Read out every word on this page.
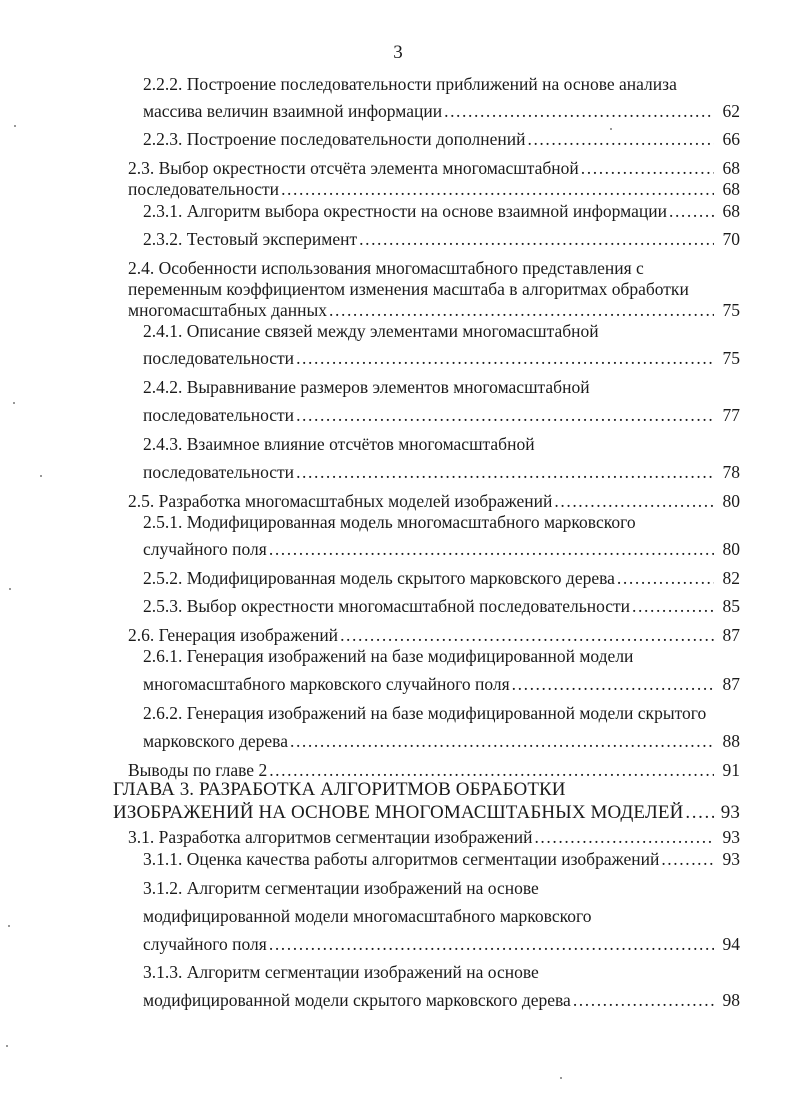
3
2.2.2. Построение последовательности приближений на основе анализа
массива величин взаимной информации .....	62
2.2.3. Построение последовательности дополнений .....	66
2.3. Выбор окрестности отсчёта элемента многомасштабной .....	68
последовательности .....	68
2.3.1. Алгоритм выбора окрестности на основе взаимной информации .....	68
2.3.2. Тестовый эксперимент .....	70
2.4. Особенности использования многомасштабного представления с
переменным коэффициентом изменения масштаба в алгоритмах обработки
многомасштабных данных .....	75
2.4.1. Описание связей между элементами многомасштабной
последовательности .....	75
2.4.2. Выравнивание размеров элементов многомасштабной
последовательности .....	77
2.4.3. Взаимное влияние отсчётов многомасштабной
последовательности .....	78
2.5. Разработка многомасштабных моделей изображений .....	80
2.5.1. Модифицированная модель многомасштабного марковского
случайного поля .....	80
2.5.2. Модифицированная модель скрытого марковского дерева .....	82
2.5.3. Выбор окрестности многомасштабной последовательности .....	85
2.6. Генерация изображений .....	87
2.6.1. Генерация изображений на базе модифицированной модели
многомасштабного марковского случайного поля .....	87
2.6.2. Генерация изображений на базе модифицированной модели скрытого
марковского дерева .....	88
Выводы по главе 2 .....	91
ГЛАВА 3. РАЗРАБОТКА АЛГОРИТМОВ ОБРАБОТКИ
ИЗОБРАЖЕНИЙ НА ОСНОВЕ МНОГОМАСШТАБНЫХ МОДЕЛЕЙ ..... 93
3.1. Разработка алгоритмов сегментации изображений .....	93
3.1.1. Оценка качества работы алгоритмов сегментации изображений .....	93
3.1.2. Алгоритм сегментации изображений на основе
модифицированной модели многомасштабного марковского
случайного поля .....	94
3.1.3. Алгоритм сегментации изображений на основе
модифицированной модели скрытого марковского дерева .....	98
